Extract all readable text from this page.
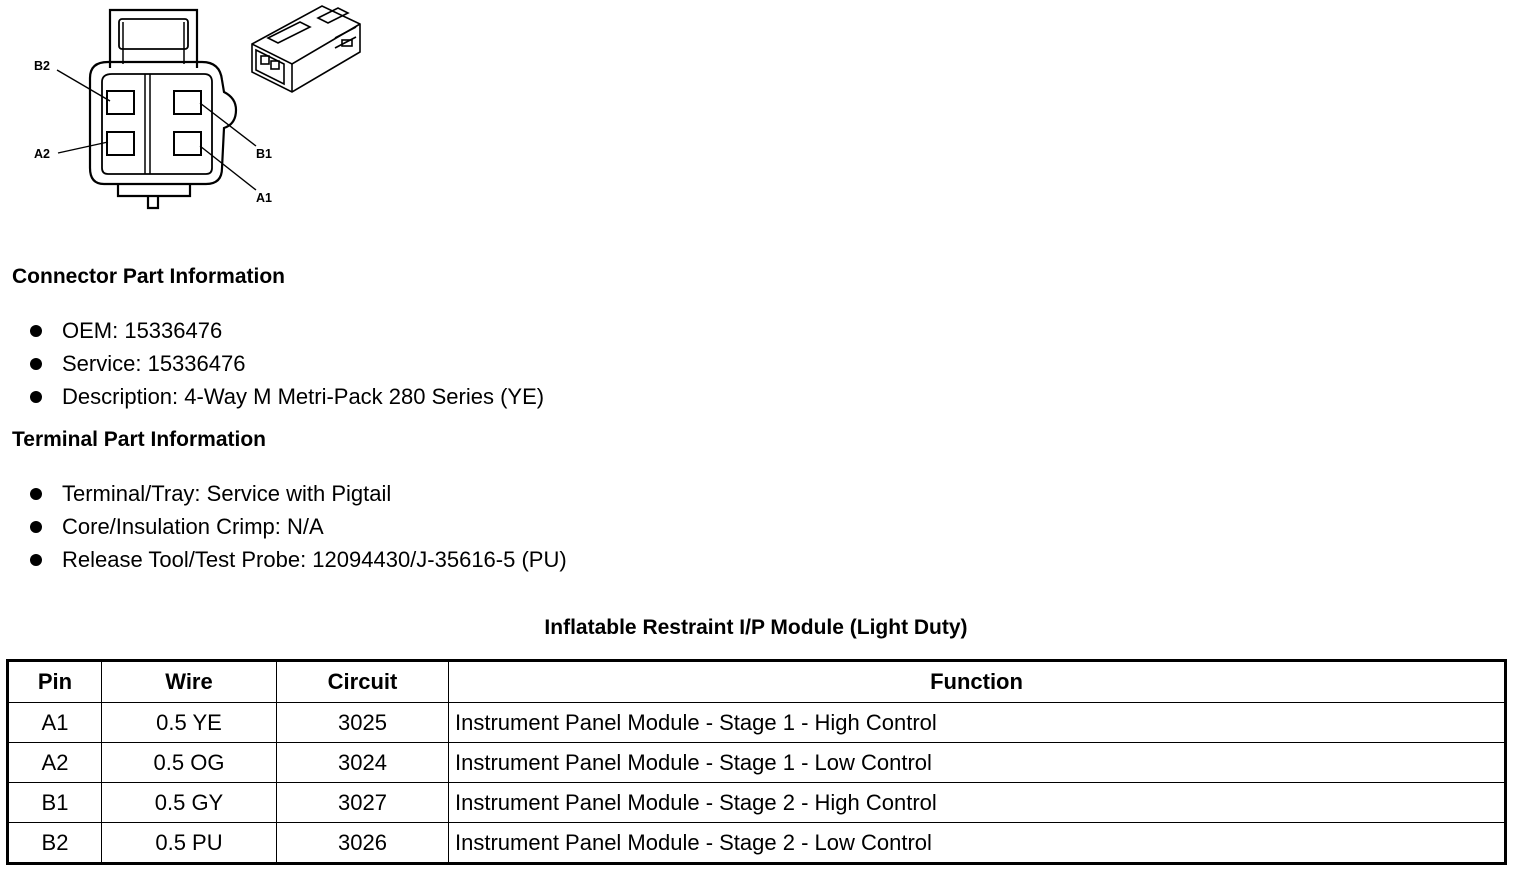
B2
A2	B1
A1
Connector Part Information
OEM: 15336476
Service: 15336476
Description: 4-Way M Metri-Pack 280 Series (YE)
Terminal Part Information
Terminal/Tray: Service with Pigtail
Core/Insulation Crimp: N/A
Release Tool/Test Probe: 12094430/J-35616-5 (PU)
Inflatable Restraint I/P Module (Light Duty)
Pin	Wire	Circuit	Function
A1	0.5 YE	3025	Instrument Panel Module - Stage 1 - High Control
A2	0.5 OG	3024	Instrument Panel Module - Stage 1 - Low Control
B1	0.5 GY	3027	Instrument Panel Module - Stage 2 - High Control
B2	0.5 PU	3026	Instrument Panel Module - Stage 2 - Low Control
